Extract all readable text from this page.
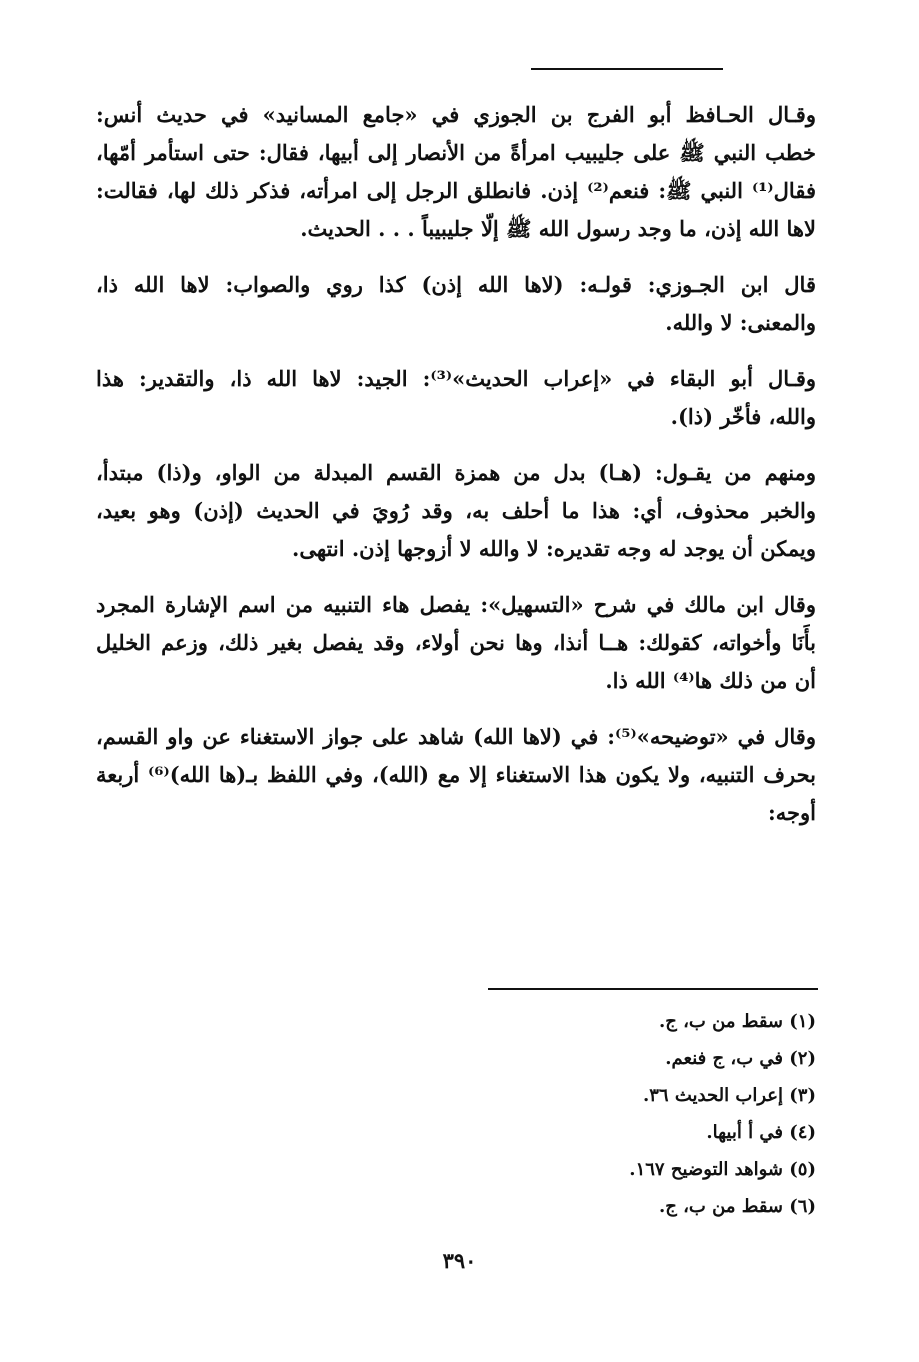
وقـال الحـافظ أبو الفرج بن الجوزي في «جامع المسانيد» في حديث أنس:
خطب النبي ﷺ على جليبيب امرأةً من الأنصار إلى أبيها، فقال: حتى استأمر أمّها،
فقال⁽¹⁾ النبي ﷺ: فنعم⁽²⁾ إذن. فانطلق الرجل إلى امرأته، فذكر ذلك لها، فقالت:
لاها الله إذن، ما وجد رسول الله ﷺ إلّا جليبيباً . . . الحديث.
قال ابن الجـوزي: قولـه: (لاها الله إذن) كذا روي والصواب: لاها الله ذا،
والمعنى: لا والله.
وقـال أبو البقاء في «إعراب الحديث»⁽³⁾: الجيد: لاها الله ذا، والتقدير: هذا
والله، فأخّر (ذا).
ومنهم من يقـول: (هـا) بدل من همزة القسم المبدلة من الواو، و(ذا) مبتدأ،
والخبر محذوف، أي: هذا ما أحلف به، وقد رُويَ في الحديث (إذن) وهو بعيد،
ويمكن أن يوجد له وجه تقديره: لا والله لا أزوجها إذن. انتهى.
وقال ابن مالك في شرح «التسهيل»: يفصل هاء التنبيه من اسم الإشارة المجرد
بأَنَا وأخواته، كقولك: هــا أنذا، وها نحن أولاء، وقد يفصل بغير ذلك، وزعم الخليل
أن من ذلك ها⁽⁴⁾ الله ذا.
وقال في «توضيحه»⁽⁵⁾: في (لاها الله) شاهد على جواز الاستغناء عن واو القسم،
بحرف التنبيه، ولا يكون هذا الاستغناء إلا مع (الله)، وفي اللفظ بـ(ها الله)⁽⁶⁾ أربعة
أوجه:
(١) سقط من ب، ج.
(٢) في ب، ج فنعم.
(٣) إعراب الحديث ٣٦.
(٤) في أ أبيها.
(٥) شواهد التوضيح ١٦٧.
(٦) سقط من ب، ج.
٣٩٠
